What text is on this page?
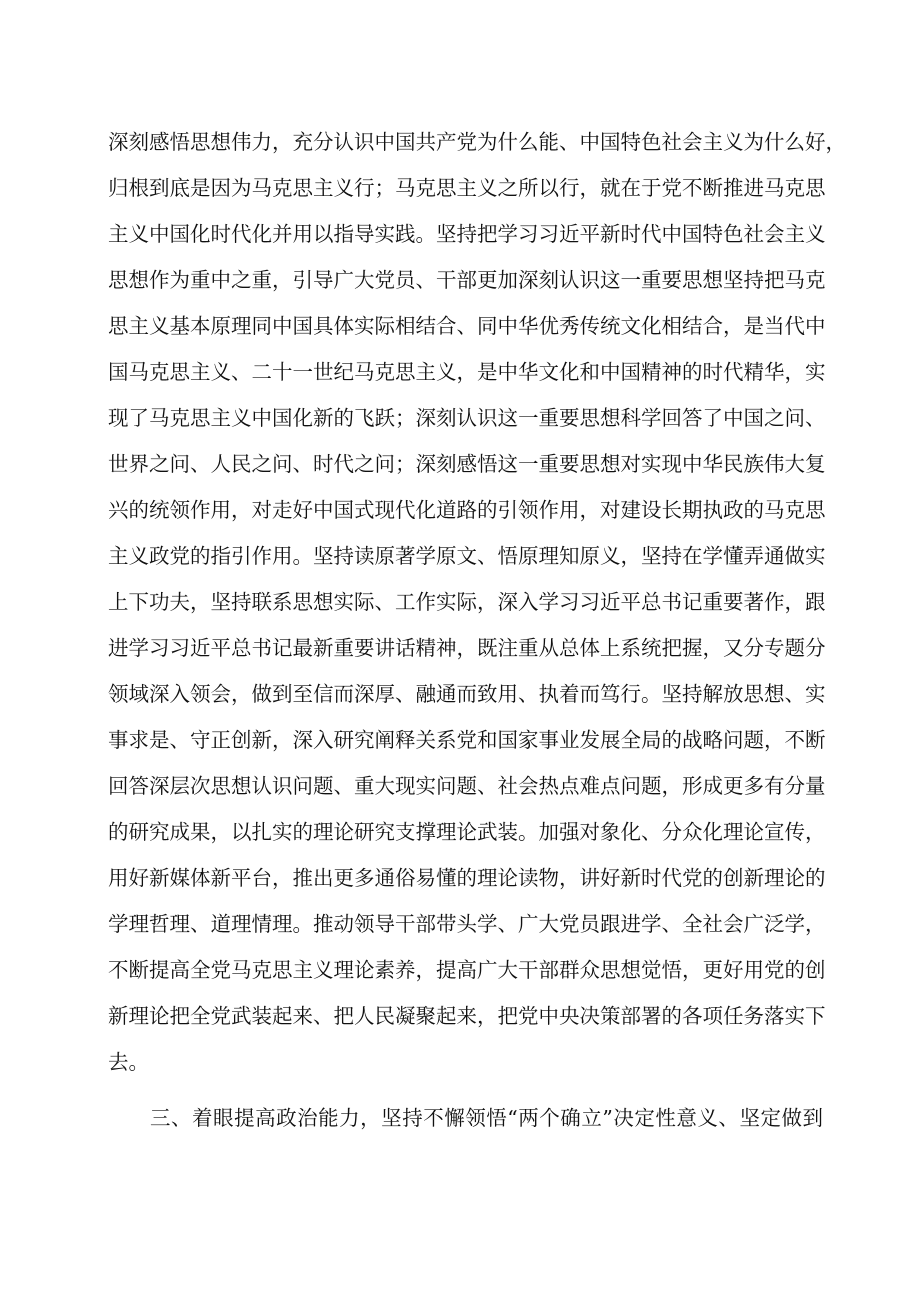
深刻感悟思想伟力，充分认识中国共产党为什么能、中国特色社会主义为什么好，
归根到底是因为马克思主义行；马克思主义之所以行，就在于党不断推进马克思
主义中国化时代化并用以指导实践。坚持把学习习近平新时代中国特色社会主义
思想作为重中之重，引导广大党员、干部更加深刻认识这一重要思想坚持把马克
思主义基本原理同中国具体实际相结合、同中华优秀传统文化相结合，是当代中
国马克思主义、二十一世纪马克思主义，是中华文化和中国精神的时代精华，实
现了马克思主义中国化新的飞跃；深刻认识这一重要思想科学回答了中国之问、
世界之问、人民之问、时代之问；深刻感悟这一重要思想对实现中华民族伟大复
兴的统领作用，对走好中国式现代化道路的引领作用，对建设长期执政的马克思
主义政党的指引作用。坚持读原著学原文、悟原理知原义，坚持在学懂弄通做实
上下功夫，坚持联系思想实际、工作实际，深入学习习近平总书记重要著作，跟
进学习习近平总书记最新重要讲话精神，既注重从总体上系统把握，又分专题分
领域深入领会，做到至信而深厚、融通而致用、执着而笃行。坚持解放思想、实
事求是、守正创新，深入研究阐释关系党和国家事业发展全局的战略问题，不断
回答深层次思想认识问题、重大现实问题、社会热点难点问题，形成更多有分量
的研究成果，以扎实的理论研究支撑理论武装。加强对象化、分众化理论宣传，
用好新媒体新平台，推出更多通俗易懂的理论读物，讲好新时代党的创新理论的
学理哲理、道理情理。推动领导干部带头学、广大党员跟进学、全社会广泛学，
不断提高全党马克思主义理论素养，提高广大干部群众思想觉悟，更好用党的创
新理论把全党武装起来、把人民凝聚起来，把党中央决策部署的各项任务落实下
去。
三、着眼提高政治能力，坚持不懈领悟“两个确立”决定性意义、坚定做到
